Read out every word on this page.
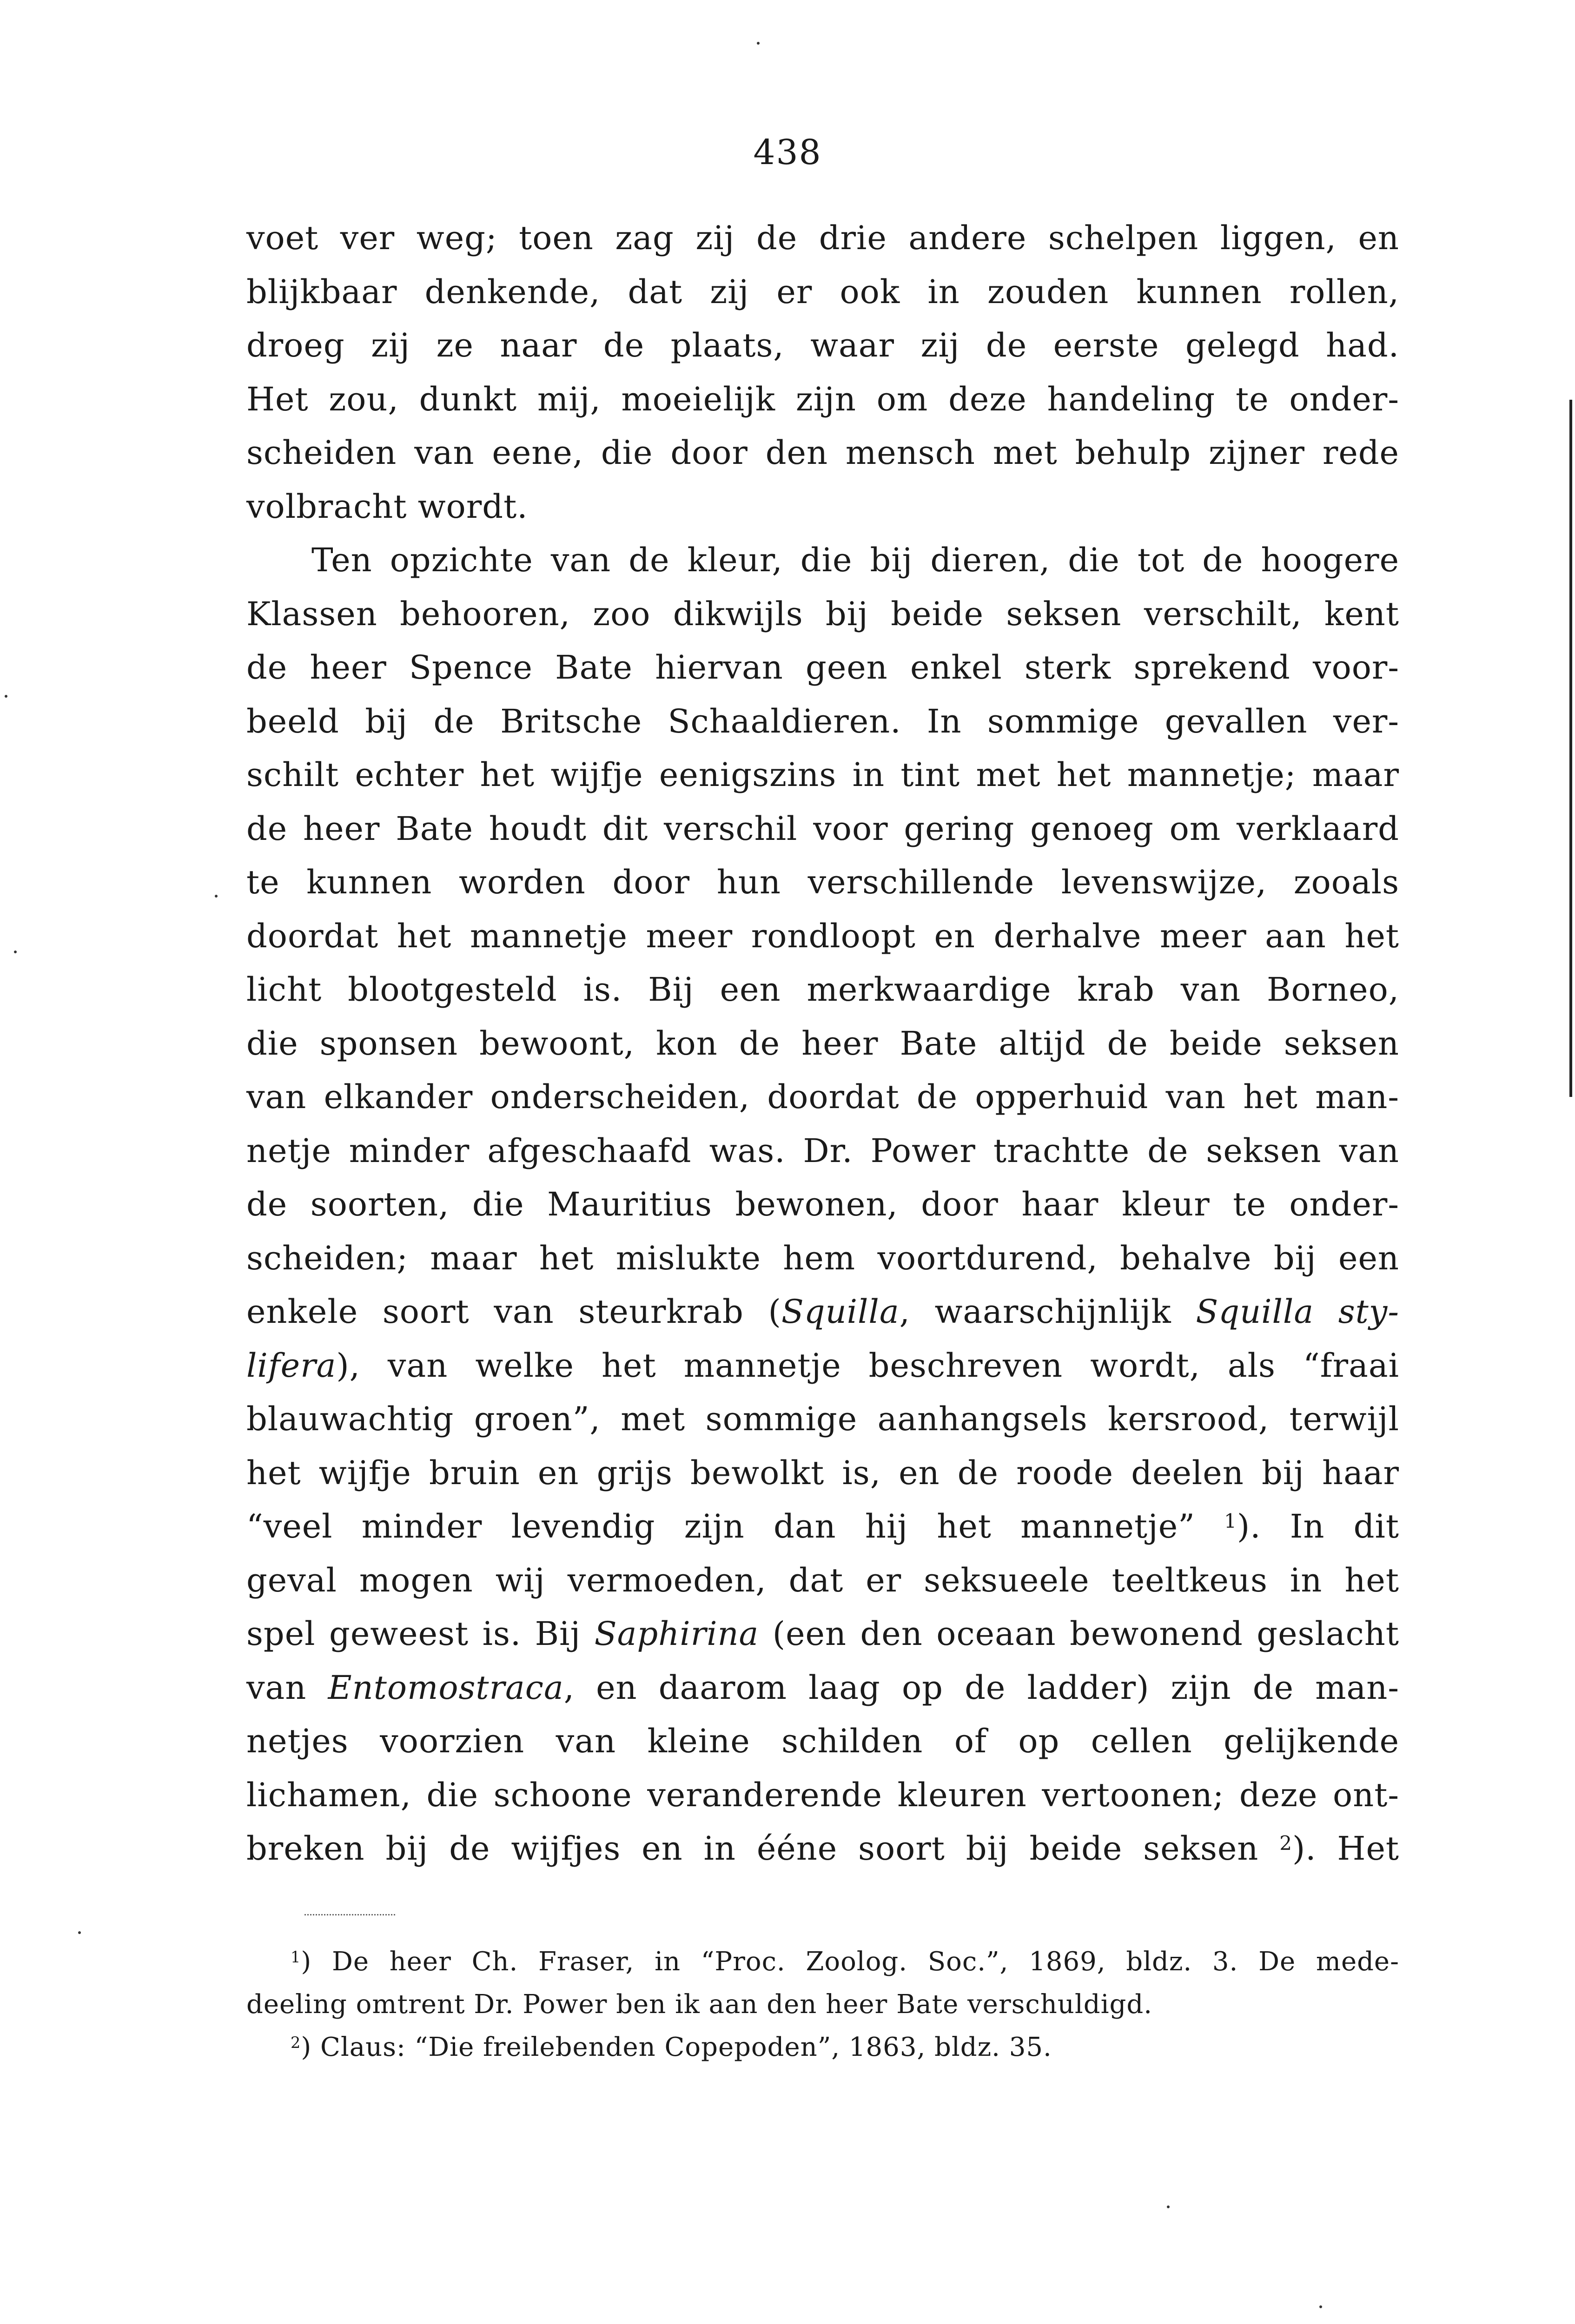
438
voet ver weg; toen zag zij de drie andere schelpen liggen, en
blijkbaar denkende, dat zij er ook in zouden kunnen rollen,
droeg zij ze naar de plaats, waar zij de eerste gelegd had.
Het zou, dunkt mij, moeielijk zijn om deze handeling te onder-
scheiden van eene, die door den mensch met behulp zijner rede
volbracht wordt.
Ten opzichte van de kleur, die bij dieren, die tot de hoogere
Klassen behooren, zoo dikwijls bij beide seksen verschilt, kent
de heer Spence Bate hiervan geen enkel sterk sprekend voor-
beeld bij de Britsche Schaaldieren. In sommige gevallen ver-
schilt echter het wijfje eenigszins in tint met het mannetje; maar
de heer Bate houdt dit verschil voor gering genoeg om verklaard
te kunnen worden door hun verschillende levenswijze, zooals
doordat het mannetje meer rondloopt en derhalve meer aan het
licht blootgesteld is. Bij een merkwaardige krab van Borneo,
die sponsen bewoont, kon de heer Bate altijd de beide seksen
van elkander onderscheiden, doordat de opperhuid van het man-
netje minder afgeschaafd was. Dr. Power trachtte de seksen van
de soorten, die Mauritius bewonen, door haar kleur te onder-
scheiden; maar het mislukte hem voortdurend, behalve bij een
enkele soort van steurkrab (Squilla, waarschijnlijk Squilla sty-
lifera), van welke het mannetje beschreven wordt, als “fraai
blauwachtig groen”, met sommige aanhangsels kersrood, terwijl
het wijfje bruin en grijs bewolkt is, en de roode deelen bij haar
“veel minder levendig zijn dan hij het mannetje” $^1$). In dit
geval mogen wij vermoeden, dat er seksueele teeltkeus in het
spel geweest is. Bij Saphirina (een den oceaan bewonend geslacht
van Entomostraca, en daarom laag op de ladder) zijn de man-
netjes voorzien van kleine schilden of op cellen gelijkende
lichamen, die schoone veranderende kleuren vertoonen; deze ont-
breken bij de wijfjes en in ééne soort bij beide seksen $^2$). Het
$^1$) De heer Ch. Fraser, in “Proc. Zoolog. Soc.”, 1869, bldz. 3. De mede-
deeling omtrent Dr. Power ben ik aan den heer Bate verschuldigd.
$^2$) Claus: “Die freilebenden Copepoden”, 1863, bldz. 35.
